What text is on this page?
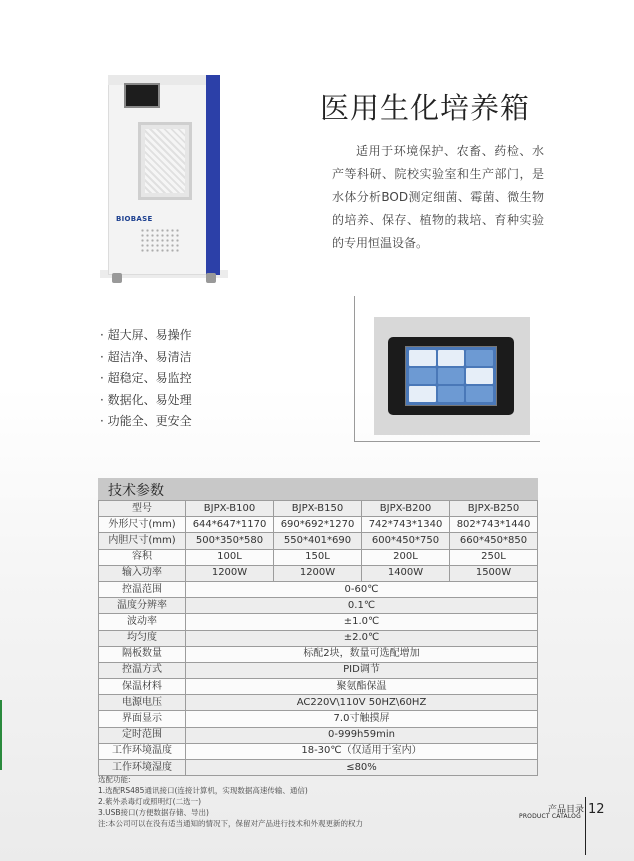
BIOBASE
医用生化培养箱
适用于环境保护、农畜、药检、水产等科研、院校实验室和生产部门，是水体分析BOD测定细菌、霉菌、微生物的培养、保存、植物的栽培、育种实验的专用恒温设备。
· 超大屏、易操作
· 超洁净、易清洁
· 超稳定、易监控
· 数据化、易处理
· 功能全、更安全
技术参数
型号	BJPX-B100	BJPX-B150	BJPX-B200	BJPX-B250
外形尺寸(mm)	644*647*1170	690*692*1270	742*743*1340	802*743*1440
内胆尺寸(mm)	500*350*580	550*401*690	600*450*750	660*450*850
容积	100L	150L	200L	250L
输入功率	1200W	1200W	1400W	1500W
控温范围	0-60℃			
温度分辨率	0.1℃			
波动率	±1.0℃			
均匀度	±2.0℃			
隔板数量	标配2块，数量可选配增加			
控温方式	PID调节			
保温材料	聚氨酯保温			
电源电压	AC220V\110V 50HZ\60HZ			
界面显示	7.0寸触摸屏			
定时范围	0-999h59min			
工作环境温度	18-30℃（仅适用于室内）			
工作环境湿度	≤80%			
选配功能:
1.选配RS485通讯接口(连接计算机，实现数据高速传输、通信)
2.紫外杀毒灯或照明灯(二选一)
3.USB接口(方便数据存储、导出)
注:本公司可以在没有适当通知的情况下，保留对产品进行技术和外观更新的权力
产品目录
PRODUCT CATALOG 12
